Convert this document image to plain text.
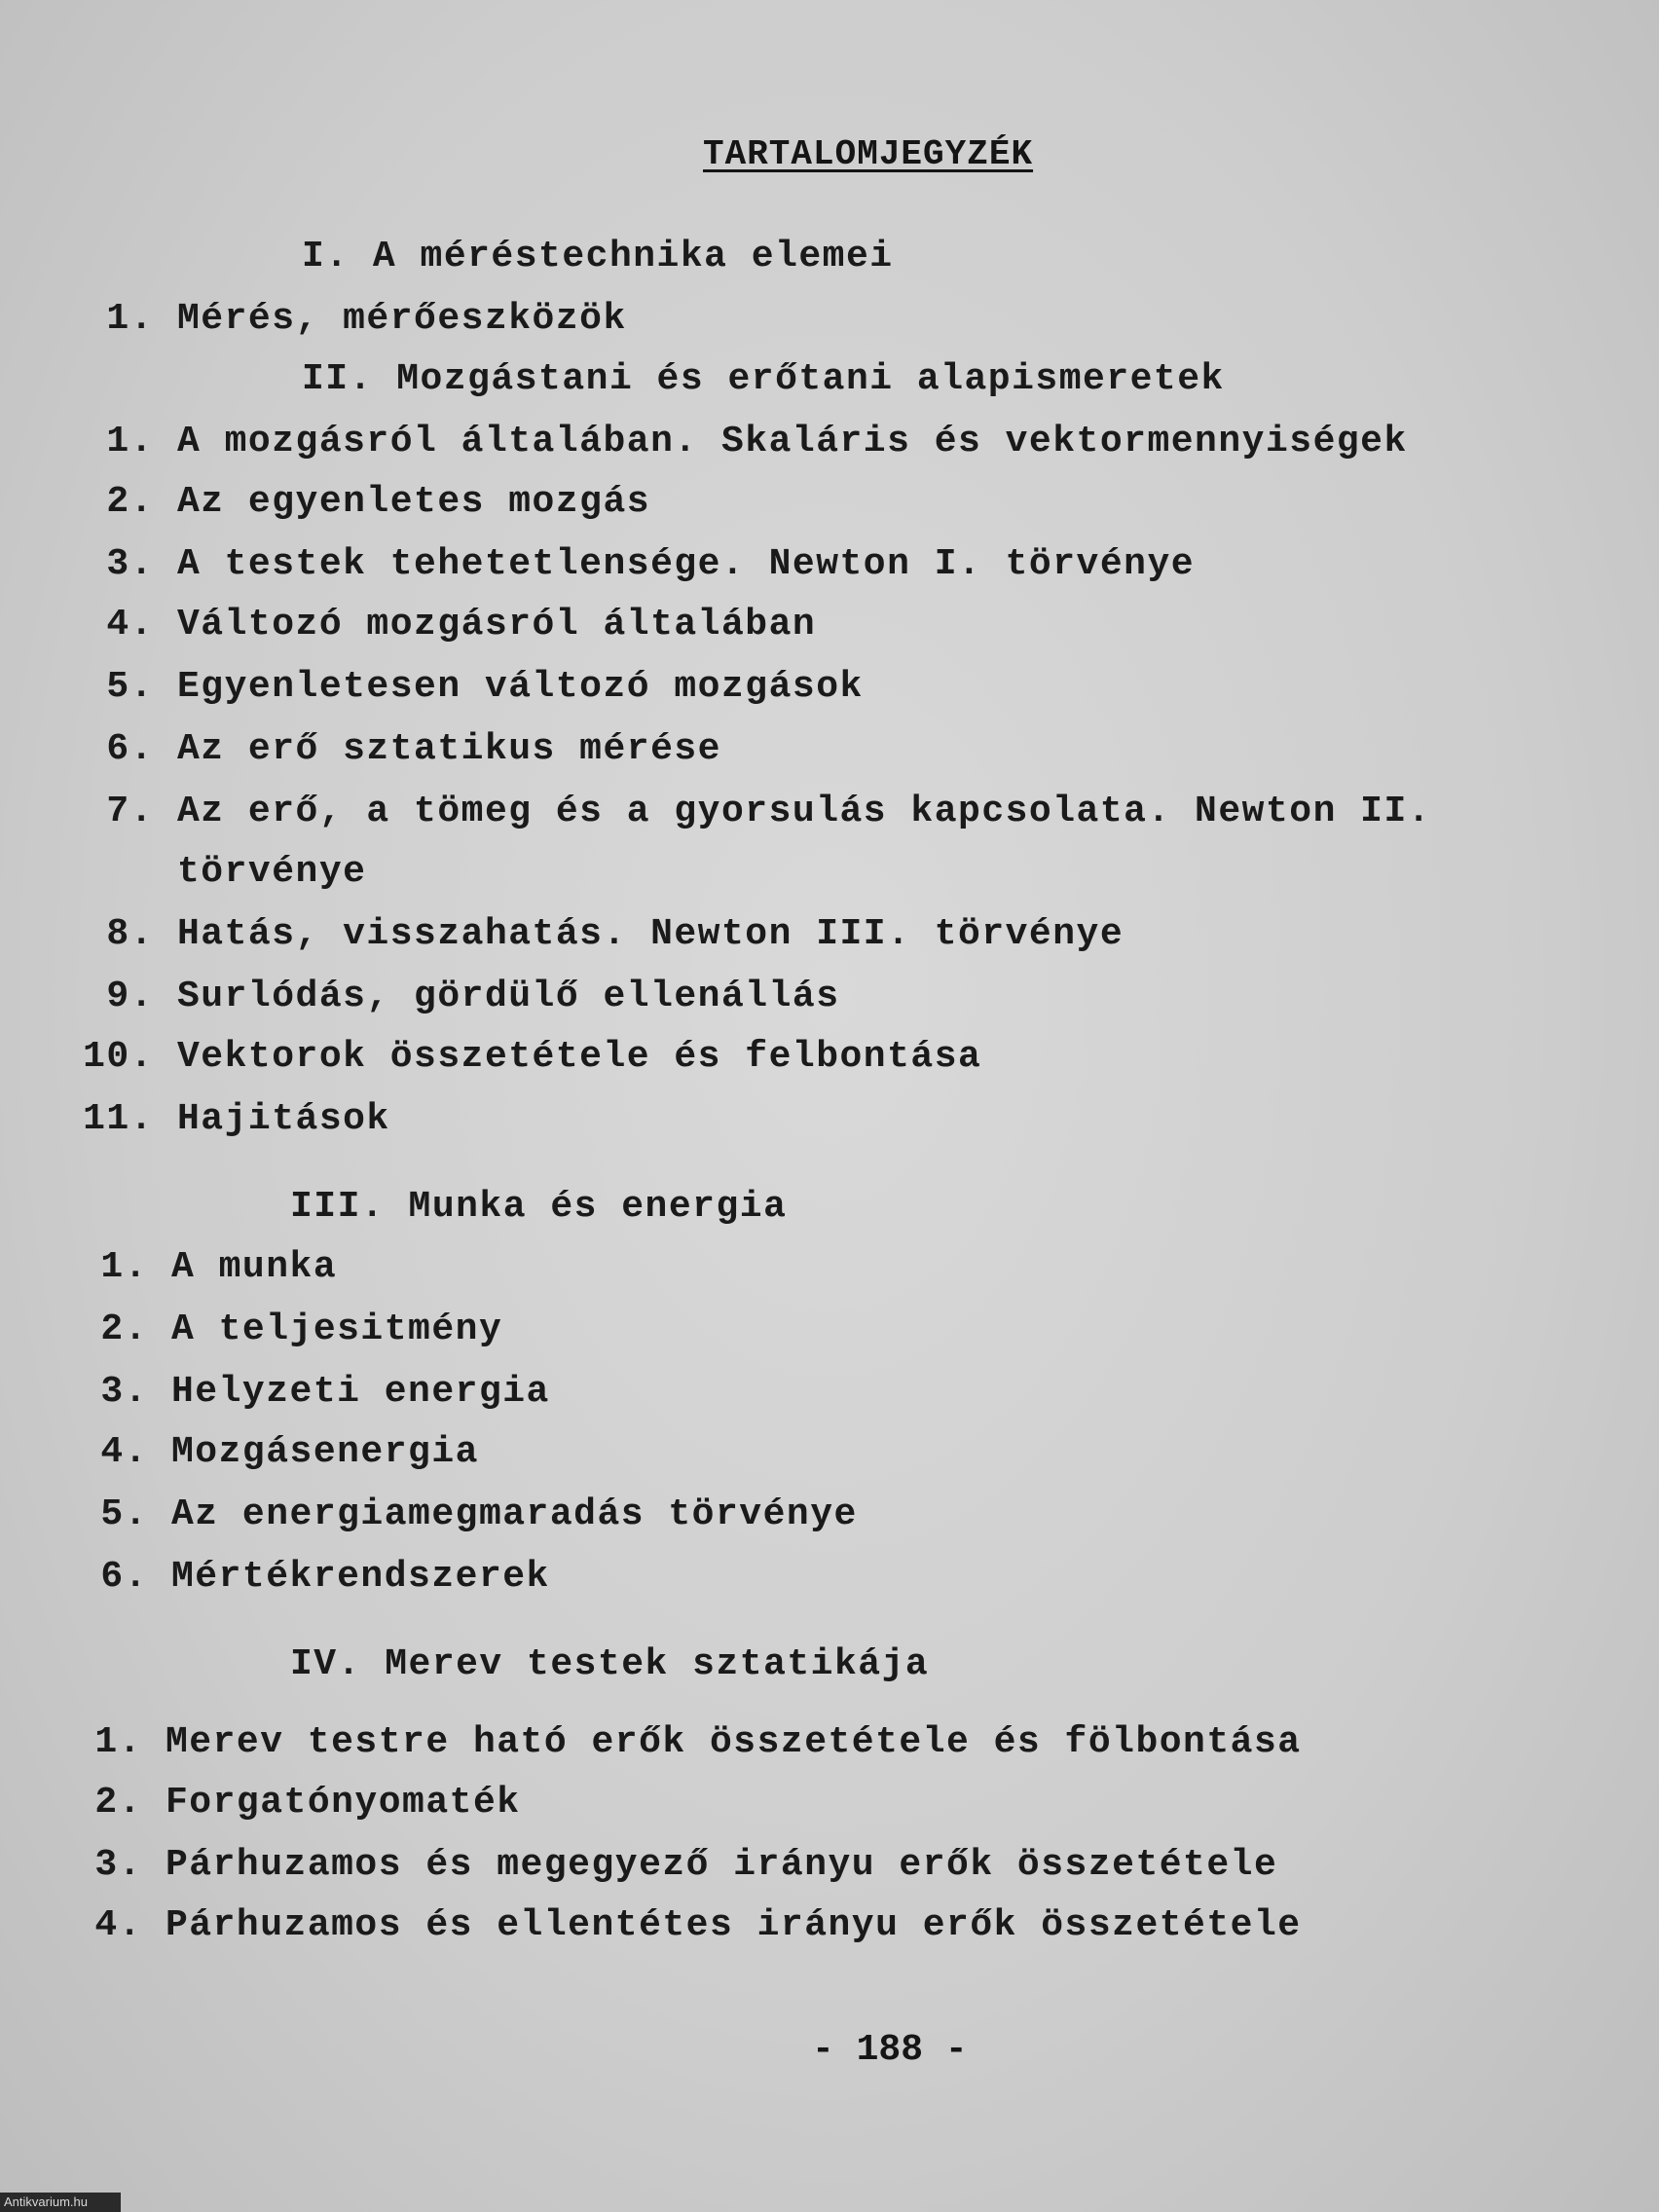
TARTALOMJEGYZÉK
I. A méréstechnika elemei
1. Mérés, mérőeszközök
II. Mozgástani és erőtani alapismeretek
1. A mozgásról általában. Skaláris és vektormennyiségek
2. Az egyenletes mozgás
3. A testek tehetetlensége. Newton I. törvénye
4. Változó mozgásról általában
5. Egyenletesen változó mozgások
6. Az erő sztatikus mérése
7. Az erő, a tömeg és a gyorsulás kapcsolata. Newton II.
törvénye
8. Hatás, visszahatás. Newton III. törvénye
9. Surlódás, gördülő ellenállás
10. Vektorok összetétele és felbontása
11. Hajitások
III. Munka és energia
1. A munka
2. A teljesitmény
3. Helyzeti energia
4. Mozgásenergia
5. Az energiamegmaradás törvénye
6. Mértékrendszerek
IV. Merev testek sztatikája
1. Merev testre ható erők összetétele és fölbontása
2. Forgatónyomaték
3. Párhuzamos és megegyező irányu erők összetétele
4. Párhuzamos és ellentétes irányu erők összetétele
- 188 -
Antikvarium.hu
